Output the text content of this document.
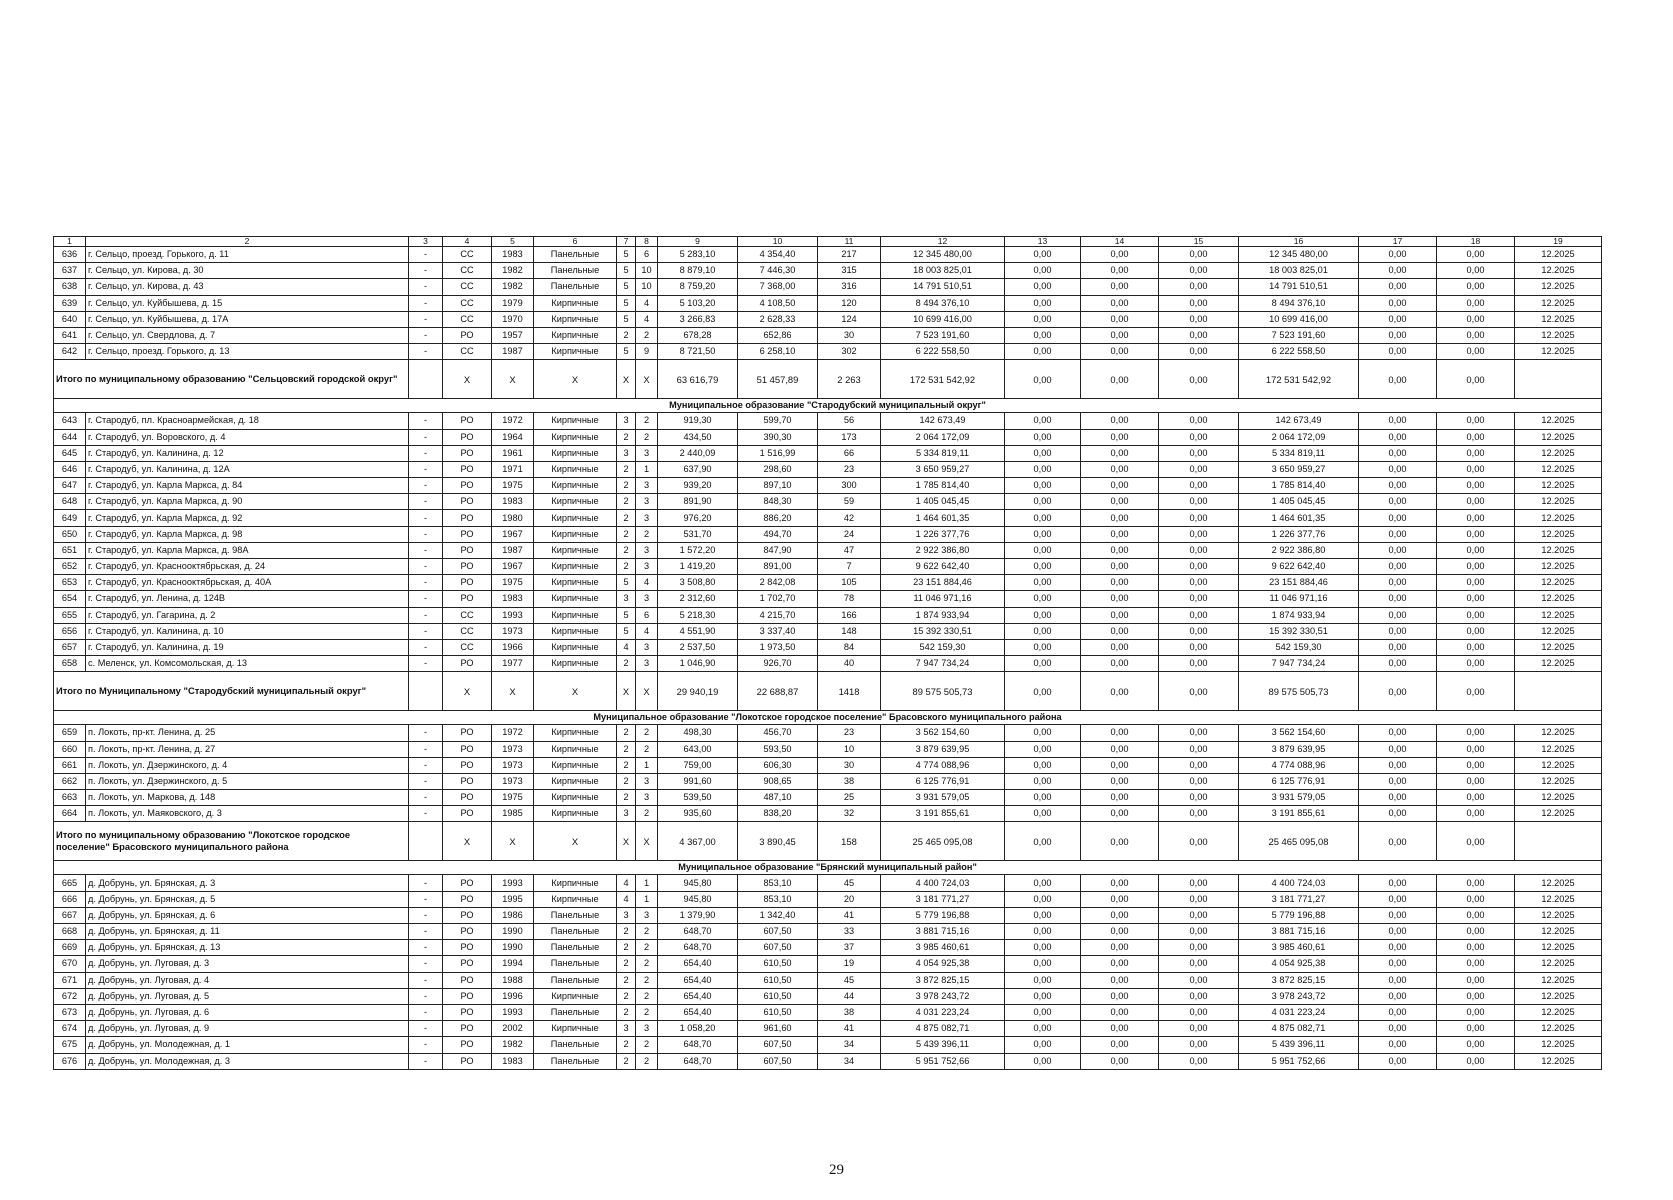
1	2	3	4	5	6	7	8	9	10	11	12	13	14	15	16	17	18	19
636	г. Сельцо, проезд. Горького, д. 11	-	СС	1983	Панельные	5	6	5 283,10	4 354,40	217	12 345 480,00	0,00	0,00	0,00	12 345 480,00	0,00	0,00	12.2025
637	г. Сельцо, ул. Кирова, д. 30	-	СС	1982	Панельные	5	10	8 879,10	7 446,30	315	18 003 825,01	0,00	0,00	0,00	18 003 825,01	0,00	0,00	12.2025
638	г. Сельцо, ул. Кирова, д. 43	-	СС	1982	Панельные	5	10	8 759,20	7 368,00	316	14 791 510,51	0,00	0,00	0,00	14 791 510,51	0,00	0,00	12.2025
639	г. Сельцо, ул. Куйбышева, д. 15	-	СС	1979	Кирпичные	5	4	5 103,20	4 108,50	120	8 494 376,10	0,00	0,00	0,00	8 494 376,10	0,00	0,00	12.2025
640	г. Сельцо, ул. Куйбышева, д. 17А	-	СС	1970	Кирпичные	5	4	3 266,83	2 628,33	124	10 699 416,00	0,00	0,00	0,00	10 699 416,00	0,00	0,00	12.2025
641	г. Сельцо, ул. Свердлова, д. 7	-	РО	1957	Кирпичные	2	2	678,28	652,86	30	7 523 191,60	0,00	0,00	0,00	7 523 191,60	0,00	0,00	12.2025
642	г. Сельцо, проезд. Горького, д. 13	-	СС	1987	Кирпичные	5	9	8 721,50	6 258,10	302	6 222 558,50	0,00	0,00	0,00	6 222 558,50	0,00	0,00	12.2025
Итого по муниципальному образованию "Сельцовский городской округ"			X	X	X	X	X	63 616,79	51 457,89	2 263	172 531 542,92	0,00	0,00	0,00	172 531 542,92	0,00	0,00	
Муниципальное образование "Стародубский муниципальный округ"																		
643	г. Стародуб, пл. Красноармейская, д. 18	-	РО	1972	Кирпичные	3	2	919,30	599,70	56	142 673,49	0,00	0,00	0,00	142 673,49	0,00	0,00	12.2025
644	г. Стародуб, ул. Воровского, д. 4	-	РО	1964	Кирпичные	2	2	434,50	390,30	173	2 064 172,09	0,00	0,00	0,00	2 064 172,09	0,00	0,00	12.2025
645	г. Стародуб, ул. Калинина, д. 12	-	РО	1961	Кирпичные	3	3	2 440,09	1 516,99	66	5 334 819,11	0,00	0,00	0,00	5 334 819,11	0,00	0,00	12.2025
646	г. Стародуб, ул. Калинина, д. 12А	-	РО	1971	Кирпичные	2	1	637,90	298,60	23	3 650 959,27	0,00	0,00	0,00	3 650 959,27	0,00	0,00	12.2025
647	г. Стародуб, ул. Карла Маркса, д. 84	-	РО	1975	Кирпичные	2	3	939,20	897,10	300	1 785 814,40	0,00	0,00	0,00	1 785 814,40	0,00	0,00	12.2025
648	г. Стародуб, ул. Карла Маркса, д. 90	-	РО	1983	Кирпичные	2	3	891,90	848,30	59	1 405 045,45	0,00	0,00	0,00	1 405 045,45	0,00	0,00	12.2025
649	г. Стародуб, ул. Карла Маркса, д. 92	-	РО	1980	Кирпичные	2	3	976,20	886,20	42	1 464 601,35	0,00	0,00	0,00	1 464 601,35	0,00	0,00	12.2025
650	г. Стародуб, ул. Карла Маркса, д. 98	-	РО	1967	Кирпичные	2	2	531,70	494,70	24	1 226 377,76	0,00	0,00	0,00	1 226 377,76	0,00	0,00	12.2025
651	г. Стародуб, ул. Карла Маркса, д. 98А	-	РО	1987	Кирпичные	2	3	1 572,20	847,90	47	2 922 386,80	0,00	0,00	0,00	2 922 386,80	0,00	0,00	12.2025
652	г. Стародуб, ул. Краснооктябрьская, д. 24	-	РО	1967	Кирпичные	2	3	1 419,20	891,00	7	9 622 642,40	0,00	0,00	0,00	9 622 642,40	0,00	0,00	12.2025
653	г. Стародуб, ул. Краснооктябрьская, д. 40А	-	РО	1975	Кирпичные	5	4	3 508,80	2 842,08	105	23 151 884,46	0,00	0,00	0,00	23 151 884,46	0,00	0,00	12.2025
654	г. Стародуб, ул. Ленина, д. 124В	-	РО	1983	Кирпичные	3	3	2 312,60	1 702,70	78	11 046 971,16	0,00	0,00	0,00	11 046 971,16	0,00	0,00	12.2025
655	г. Стародуб, ул. Гагарина, д. 2	-	СС	1993	Кирпичные	5	6	5 218,30	4 215,70	166	1 874 933,94	0,00	0,00	0,00	1 874 933,94	0,00	0,00	12.2025
656	г. Стародуб, ул. Калинина, д. 10	-	СС	1973	Кирпичные	5	4	4 551,90	3 337,40	148	15 392 330,51	0,00	0,00	0,00	15 392 330,51	0,00	0,00	12.2025
657	г. Стародуб, ул. Калинина, д. 19	-	СС	1966	Кирпичные	4	3	2 537,50	1 973,50	84	542 159,30	0,00	0,00	0,00	542 159,30	0,00	0,00	12.2025
658	с. Меленск, ул. Комсомольская, д. 13	-	РО	1977	Кирпичные	2	3	1 046,90	926,70	40	7 947 734,24	0,00	0,00	0,00	7 947 734,24	0,00	0,00	12.2025
Итого по Муниципальному "Стародубский муниципальный округ"			X	X	X	X	X	29 940,19	22 688,87	1418	89 575 505,73	0,00	0,00	0,00	89 575 505,73	0,00	0,00	
Муниципальное образование "Локотское городское поселение" Брасовского муниципального района																		
659	п. Локоть, пр-кт. Ленина, д. 25	-	РО	1972	Кирпичные	2	2	498,30	456,70	23	3 562 154,60	0,00	0,00	0,00	3 562 154,60	0,00	0,00	12.2025
660	п. Локоть, пр-кт. Ленина, д. 27	-	РО	1973	Кирпичные	2	2	643,00	593,50	10	3 879 639,95	0,00	0,00	0,00	3 879 639,95	0,00	0,00	12.2025
661	п. Локоть, ул. Дзержинского, д. 4	-	РО	1973	Кирпичные	2	1	759,00	606,30	30	4 774 088,96	0,00	0,00	0,00	4 774 088,96	0,00	0,00	12.2025
662	п. Локоть, ул. Дзержинского, д. 5	-	РО	1973	Кирпичные	2	3	991,60	908,65	38	6 125 776,91	0,00	0,00	0,00	6 125 776,91	0,00	0,00	12.2025
663	п. Локоть, ул. Маркова, д. 148	-	РО	1975	Кирпичные	2	3	539,50	487,10	25	3 931 579,05	0,00	0,00	0,00	3 931 579,05	0,00	0,00	12.2025
664	п. Локоть, ул. Маяковского, д. 3	-	РО	1985	Кирпичные	3	2	935,60	838,20	32	3 191 855,61	0,00	0,00	0,00	3 191 855,61	0,00	0,00	12.2025
Итого по муниципальному образованию "Локотское городское поселение" Брасовского муниципального района			X	X	X	X	X	4 367,00	3 890,45	158	25 465 095,08	0,00	0,00	0,00	25 465 095,08	0,00	0,00	
Муниципальное образование "Брянский муниципальный район"																		
665	д. Добрунь, ул. Брянская, д. 3	-	РО	1993	Кирпичные	4	1	945,80	853,10	45	4 400 724,03	0,00	0,00	0,00	4 400 724,03	0,00	0,00	12.2025
666	д. Добрунь, ул. Брянская, д. 5	-	РО	1995	Кирпичные	4	1	945,80	853,10	20	3 181 771,27	0,00	0,00	0,00	3 181 771,27	0,00	0,00	12.2025
667	д. Добрунь, ул. Брянская, д. 6	-	РО	1986	Панельные	3	3	1 379,90	1 342,40	41	5 779 196,88	0,00	0,00	0,00	5 779 196,88	0,00	0,00	12.2025
668	д. Добрунь, ул. Брянская, д. 11	-	РО	1990	Панельные	2	2	648,70	607,50	33	3 881 715,16	0,00	0,00	0,00	3 881 715,16	0,00	0,00	12.2025
669	д. Добрунь, ул. Брянская, д. 13	-	РО	1990	Панельные	2	2	648,70	607,50	37	3 985 460,61	0,00	0,00	0,00	3 985 460,61	0,00	0,00	12.2025
670	д. Добрунь, ул. Луговая, д. 3	-	РО	1994	Панельные	2	2	654,40	610,50	19	4 054 925,38	0,00	0,00	0,00	4 054 925,38	0,00	0,00	12.2025
671	д. Добрунь, ул. Луговая, д. 4	-	РО	1988	Панельные	2	2	654,40	610,50	45	3 872 825,15	0,00	0,00	0,00	3 872 825,15	0,00	0,00	12.2025
672	д. Добрунь, ул. Луговая, д. 5	-	РО	1996	Кирпичные	2	2	654,40	610,50	44	3 978 243,72	0,00	0,00	0,00	3 978 243,72	0,00	0,00	12.2025
673	д. Добрунь, ул. Луговая, д. 6	-	РО	1993	Панельные	2	2	654,40	610,50	38	4 031 223,24	0,00	0,00	0,00	4 031 223,24	0,00	0,00	12.2025
674	д. Добрунь, ул. Луговая, д. 9	-	РО	2002	Кирпичные	3	3	1 058,20	961,60	41	4 875 082,71	0,00	0,00	0,00	4 875 082,71	0,00	0,00	12.2025
675	д. Добрунь, ул. Молодежная, д. 1	-	РО	1982	Панельные	2	2	648,70	607,50	34	5 439 396,11	0,00	0,00	0,00	5 439 396,11	0,00	0,00	12.2025
676	д. Добрунь, ул. Молодежная, д. 3	-	РО	1983	Панельные	2	2	648,70	607,50	34	5 951 752,66	0,00	0,00	0,00	5 951 752,66	0,00	0,00	12.2025
29
